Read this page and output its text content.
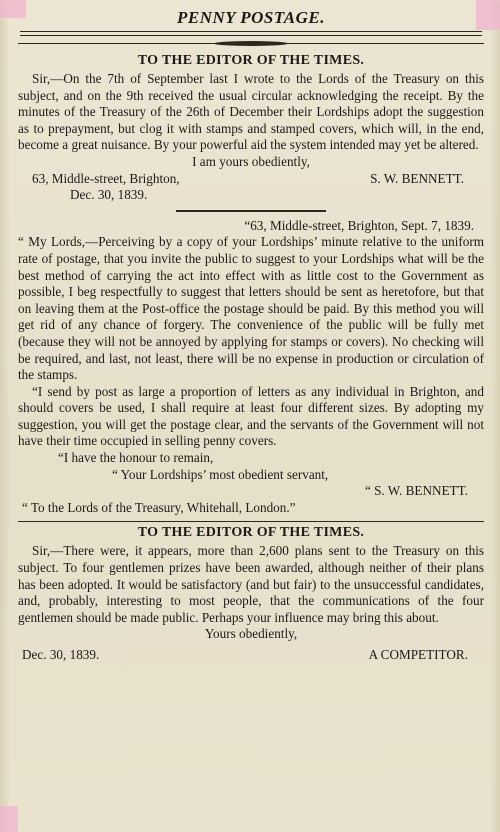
PENNY POSTAGE.
TO THE EDITOR OF THE TIMES.

Sir,—On the 7th of September last I wrote to the Lords of the Treasury on this subject, and on the 9th received the usual circular acknowledging the receipt. By the minutes of the Treasury of the 26th of December their Lordships adopt the suggestion as to prepayment, but clog it with stamps and stamped covers, which will, in the end, become a great nuisance. By your powerful aid the system intended may yet be altered.

I am yours obediently,
63, Middle-street, Brighton,	S. W. BENNETT.
Dec. 30, 1839.
“63, Middle-street, Brighton, Sept. 7, 1839.

“ My Lords,—Perceiving by a copy of your Lordships’ minute relative to the uniform rate of postage, that you invite the public to suggest to your Lordships what will be the best method of carrying the act into effect with as little cost to the Government as possible, I beg respectfully to suggest that letters should be sent as heretofore, but that on leaving them at the Post-office the postage should be paid. By this method you will get rid of any chance of forgery. The convenience of the public will be fully met (because they will not be annoyed by applying for stamps or covers). No checking will be required, and last, not least, there will be no expense in production or circulation of the stamps.

“I send by post as large a proportion of letters as any individual in Brighton, and should covers be used, I shall require at least four different sizes. By adopting my suggestion, you will get the postage clear, and the servants of the Government will not have their time occupied in selling penny covers.

“I have the honour to remain,
“ Your Lordships’ most obedient servant,
“ S. W. BENNETT.
“ To the Lords of the Treasury, Whitehall, London.”
TO THE EDITOR OF THE TIMES.

Sir,—There were, it appears, more than 2,600 plans sent to the Treasury on this subject. To four gentlemen prizes have been awarded, although neither of their plans has been adopted. It would be satisfactory (and but fair) to the unsuccessful candidates, and, probably, interesting to most people, that the communications of the four gentlemen should be made public. Perhaps your influence may bring this about.

Yours obediently,
Dec. 30, 1839.	A COMPETITOR.
